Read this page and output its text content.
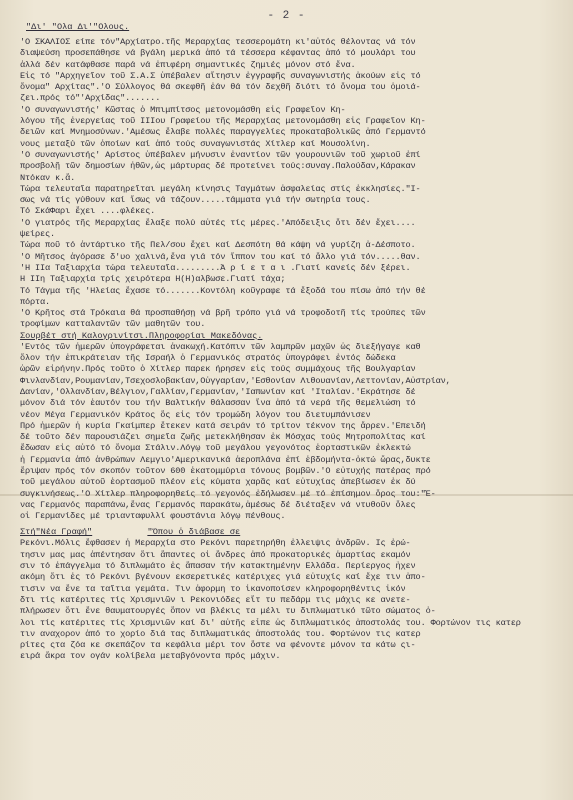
- 2 -
"Δι' "Ολα Δι'"Ολους.
'Ο ΣΚΑΛΙΟΣ είπε τόν"Αρχίατρο.τῆς Μεραρχίας τεσσερομάτη κι'αὐτός θέλοντας νά τόν
διαψεύση προσεπάθησε νά βγάλη μερικά ἀπό τά τέσσερα κέφαντας ἀπό τό μουλάρι του
ἀλλά δέν κατάφθασε παρά νά ἐπιφέρη σημαντικές ζημιές μόνον στό ἕνα.
Εἰς τό "Αρχηγεῖον τοῦ Σ.Α.Σ ὑπέβαλεν αἴτησιν ἐγγραφῆς συναγωνιστής ἀκούων εἰς τό
ὄνομα" Αρχίτας".'Ο Σύλλογος θά σκεφθῆ ἐάν θά τόν δεχθῆ διότι τό ὄνομα του ὁμοιά-
ζει.πρός τό"'Αρχίδας".......
'Ο συναγωνιστής' Κῶστας ὁ Μπιμπίτσος μετονομάσθη εἰς Γραφεῖον Κη-
λόγου τῆς ἐνεργείας τοῦ ΙΙΙου Γραφείου τῆς Μεραρχίας μετονομάσθη εἰς Γραφεῖον Κη-
δειῶν καί Μνημοσύνων.'Αμέσως ἔλαβε πολλές παραγγελίες προκαταβολικῶς ἀπό Γερμαντό
νους μεταξύ τῶν ὁποίων καί ἀπό τούς συναγωνιστάς Χίτλερ καί Μουσολίνη.
'Ο συναγωνιστής' Αρίστος ὑπέβαλεν μήνυσιν ἐναντίον τῶν γουρουνιῶν τοῦ χωριοῦ ἐπί
προσβολῇ τῶν δημοσίων ἠθῶν,ὡς μάρτυρας δέ προτείνει τούς:συναγ.Παλούδαν,Κάρακαν
Ντόκαν κ.ἄ.
Τώρα τελευταῖα παρατηρεῖται μεγάλη κίνησις Ταγμάτων ἀσφαλείας στίς ἐκκλησίες."Ι-
σως νά τίς γύθουν καί ἴσως νά τάζουν.....τάμματα γιά τήν σωτηρία τους.
Τό ΣκάΦαρι ἔχει ....φλέκες.
'Ο γιατρός τῆς Μεραρχίας ἔλαξε πολύ αὐτές τίς μέρες.'Απόδειξις ὅτι δέν ἔχει....
ψείρες.
Τώρα ποῦ τό ἀντάρτικο τῆς Πελ/σου ἔχει καί Δεσπότη θά κάψη νά γυρίζη ἀ-Δέσποτο.
'Ο Μῆτσος ἀγόρασε δ'υο χαλινά,ἕνα γιά τόν ἵππον του καί τό ἄλλο γιά τόν.....θαν.
'Η ΙΙα Ταξιαρχία τώρα τελευταῖα.........Ἀ ρ ί ε τ α ι .Γιατί κανείς δέν ξέρει.
Η ΙΙη Ταξιαρχία τρίς χειρότερα Η(Η)αλβωσε.Γιατί τάχα;
Τό Τάγμα τῆς 'Ηλείας ἔχασε τό.......Κοντόλη κοῦγραφε τά ἔξοδά του πίσω ἀπό τήν θέ
πόρτα.
'Ο Κρῆτος στά Τρόκαια θά προσπαθήσῃ νά βρῆ τρόπο γιά νά τροφοδοτῆ τίς τρούπες τῶν
τροφίμων κατταλαντῶν τῶν μαθητῶν του.
Σουρβέτ στή Καλογρινίτσι.Πληροφορίαι Μακεδόνας.
'Εντός τῶν ἡμερῶν ὑπογράφεται ἀνακωχή.Κατόπιν τῶν λαμπρῶν μαχῶν ὡς διεξήγαγε καθ
ὅλον τήν ἐπικράτειαν τῆς Ισραήλ ὁ Γερμανικός στρατός ὑπογράφει ἐντός δώδεκα
ὡρῶν εἰρήνην.Πρός τοῦτο ὁ Χίτλερ παρεκ ήρησεν εἰς τούς συμμάχους τῆς Βουλγαρίαν
Φινλανδίαν,Ρουμανίαν,Τσεχοσλοβακίαν,Οὐγγαρίαν,'Εσθονίαν Λιθουανίαν,Λεττονίαν,Αὐστρίαν,
Δανίαν,'Ολλανδίαν,Βέλγιον,Γαλλίαν,Γερμανίαν,'Ιαπωνίαν καί 'Ιταλίαν.'Εκράτησε δέ
μόνον διά τόν ἑαυτόν του τήν Βαλτικήν θάλασσαν ἵνα ἀπό τά νερά τῆς θεμελιώση τό
νέον Μέγα Γερμανικόν Κράτος ὅς εἰς τόν τρομώδη λόγον του διετυμπάνισεν
Πρό ἡμερῶν ἡ κυρία Γκαίμπερ ἔτεκεν κατά σειράν τό τρίτον τέκνον της ἄρρεν.'Επειδή
δέ τοῦτο δέν παρουσιάζει σημεῖα ζωῆς μετεκλήθησαν ἐκ Μόσχας τούς Μητροπολίτας καί
ἔδωσαν εἰς αὐτό τό ὄνομα Στάλιν.Λόγῳ τοῦ μεγάλου γεγονότος ἑορταστικῶν ἐκλεκτώ
ἡ Γερμανία ἀπό ἀνθρώπων Λεμγιο'Αμερικανικά ἀεροπλάνα ἐπί ἑβδομήντα-ὀκτώ ὥρας,δυκτε
ἔριψαν πρός τόν σκοπόν τοῦτον 600 ἑκατομμύρια τόνους βομβῶν.'Ο εὐτυχής πατέρας πρό
τοῦ μεγάλου αὐτοῦ ἑορτασμοῦ πλέον εἰς κύματα χαρᾶς καί εὐτυχίας ἀπεβίωσεν ἐκ δύ
συγκινήσεως.'Ο Χίτλερ πληροφορηθείς τό γεγονός ἐδήλωσεν μέ τό ἐπίσημον ὅρος του:"Ἐ-
νας Γερμανός παραπάνω,ἕνας Γερμανός παρακάτω,ἀμέσως δέ διέταξεν νά ντυθοῦν ὅλες
οἱ Γερμανίδες μέ τριανταφυλλί φουστάνια λόγῳ πένθους.
Στή"Νέα Γραφή"	"Όπου ὁ διάβασε σε
Ρεκόνι.Μόλις ἔφθασεν ἡ Μεραρχία στο Ρεκόνι παρετηρήθη ἐλλειψις ἀνδρῶν. Ις ἐρώ-
τησιν μας μας ἀπέντησαν ὅτι ἅπαντες οἱ ἄνδρες ἀπό προκατορικές ἁμαρτίας εκαμόν
σιν τό ἐπάγγελμα τό διπλωμάτο ἐς ἅπασαν τήν κατακτημένην Ελλάδα. Περίεργος ἦχεν
ακόμη ὅτι ἐς τό Ρεκόνι βγένουν εκσερετικές κατέριχες γιά εὐτυχίς καί ἔχε τιν ἀπο-
τισιν να ἔνε τα ταῖτια γεμάτα. Τιν ἀφορμη το ἱκανοποίσεν κληροφορηθέντις ἰκόν
δτι τίς κατέριτες τίς Χρισμνιῶν ι Ρεκονιόδες εἴτ τυ πεδάρμ τις μάχις κε ανετε-
πλήρωσεν ὅτι ἔνε θαυματουργές ὅπον να βλέκις τα μέλι τυ διπλωματικό τῶτο σώματος ὁ-
λοι τίς κατέριτες τίς Χρισμνιῶν καί δι' αὐτῆς εἶπε ὡς διπλωματικός ἀποστολάς του. Φορτώνον τις κατερ
τιν αναχορον ἀπό το χορίο διά τας διπλωματικάς ἀποστολάς του. Φορτώνον τις κατερ
ρίτες ςτα ζόα κε σκεπάζον τα κεφάλια μέρι τον ὅστε να φένοντε μόνον τα κάτω ςι-
ειρά ἄκρα τον ογάν κολίβελα μεταβγόνοντα πρός μάχιν.
